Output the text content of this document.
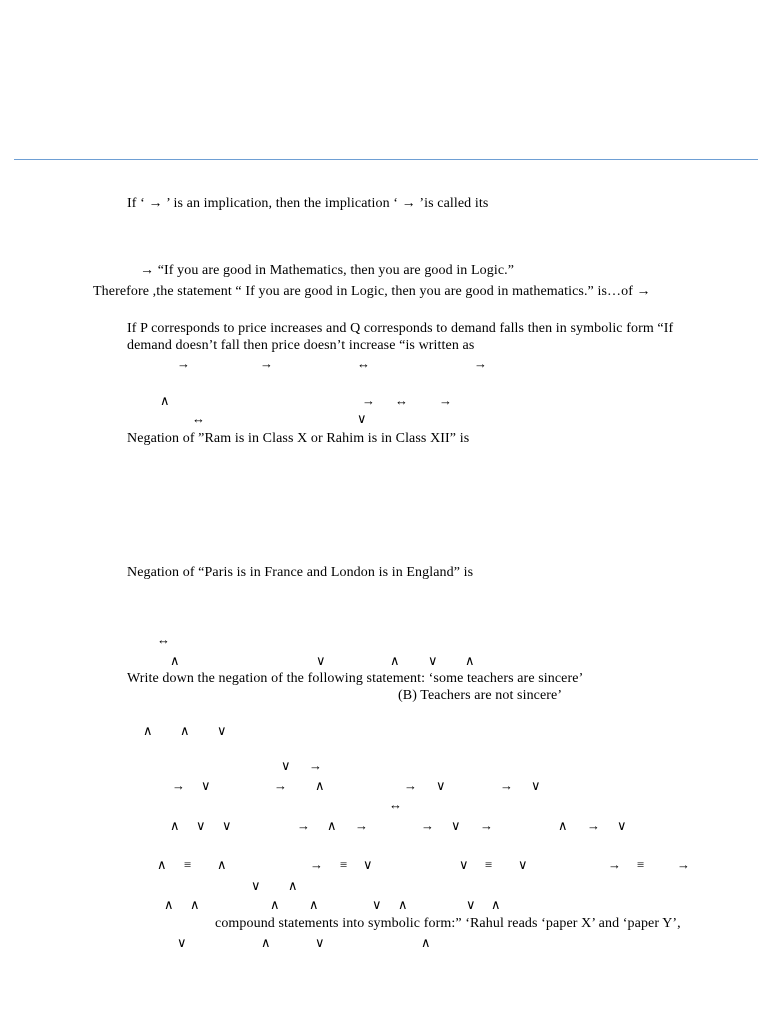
If ‘ → ’ is an implication, then the implication ‘ → ’is called its
→ “If you are good in Mathematics, then you are good in Logic.”
Therefore ,the statement “ If you are good in Logic, then you are good in mathematics.” is…of →
If P corresponds to price increases and Q corresponds to demand falls then in symbolic form “If
demand doesn’t fall then price doesn’t increase “is written as
→	→	↔	→
∧	→ ↔ →
↔	∨
Negation of ”Ram is in Class X or Rahim is in Class XII” is
Negation of “Paris is in France and London is in England” is
↔
∧	∨	∧ ∨ ∧
Write down the negation of the following statement: ‘some teachers are sincere’
(B) Teachers are not sincere’
∧ ∧ ∨
∨ →
→ ∨	→ ∧	→ ∨	→ ∨
↔
∧ ∨ ∨	→ ∧ →	→ ∨ →	∧ → ∨
∧ ≡ ∧	→ ≡ ∨	∨ ≡ ∨	→ ≡	→
∨ ∧
∧ ∧	∧ ∧	∨ ∧	∨ ∧
compound statements into symbolic form:” ‘Rahul reads ‘paper X’ and ‘paper Y’,
∨	∧	∨	∧
